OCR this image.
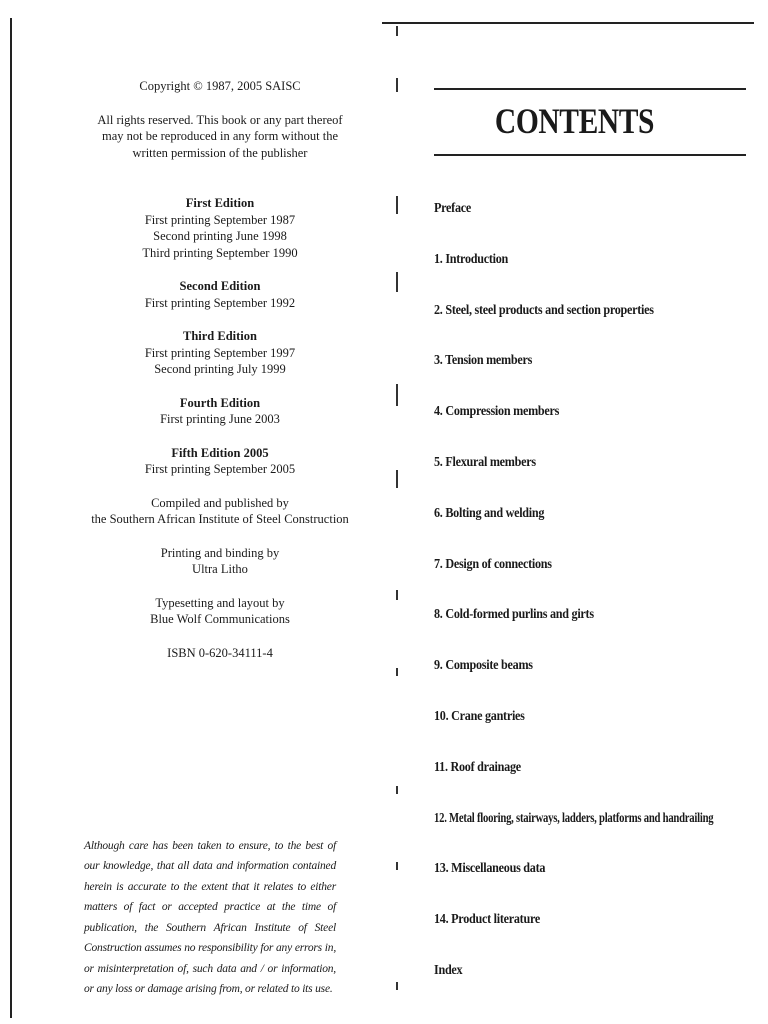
Copyright © 1987, 2005 SAISC

All rights reserved. This book or any part thereof

may not be reproduced in any form without the

written permission of the publisher

First Edition

First printing September 1987

Second printing June 1998

Third printing September 1990

Second Edition

First printing September 1992

Third Edition

First printing September 1997

Second printing July 1999

Fourth Edition

First printing June 2003

Fifth Edition 2005

First printing September 2005

Compiled and published by

the Southern African Institute of Steel Construction

Printing and binding by

Ultra Litho

Typesetting and layout by

Blue Wolf Communications

ISBN 0-620-34111-4

Although care has been taken to ensure, to the best of our knowledge, that all data and information contained herein is accurate to the extent that it relates to either matters of fact or accepted practice at the time of publication, the Southern African Institute of Steel Construction assumes no responsibility for any errors in, or misinterpretation of, such data and / or information, or any loss or damage arising from, or related to its use.

CONTENTS
Preface
1. Introduction
2. Steel, steel products and section properties
3. Tension members
4. Compression members
5. Flexural members
6. Bolting and welding
7. Design of connections
8. Cold-formed purlins and girts
9. Composite beams
10. Crane gantries
11. Roof drainage
12. Metal flooring, stairways, ladders, platforms and handrailing
13. Miscellaneous data
14. Product literature
Index
